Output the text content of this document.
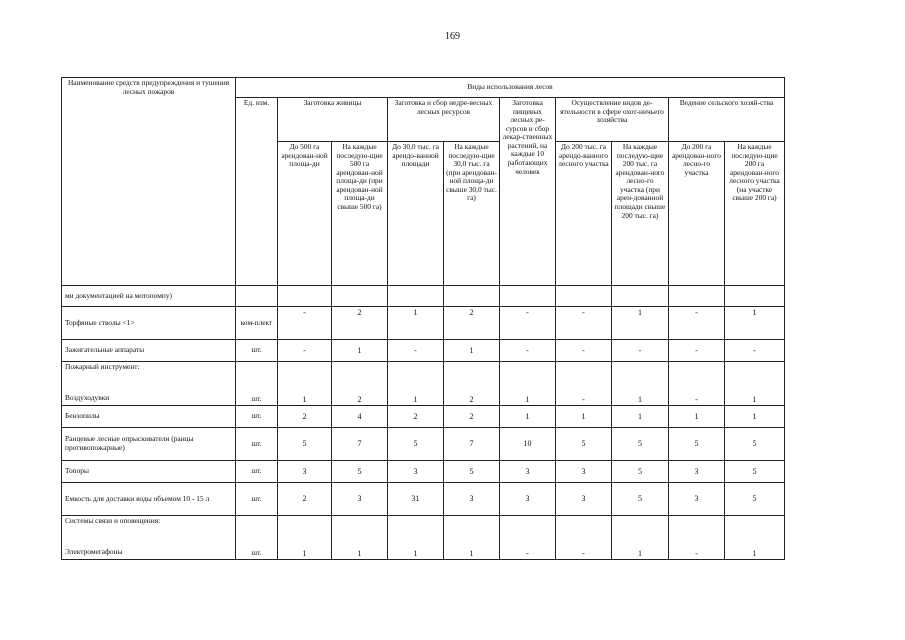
169
Наименование средств предупреждения и тушения лесных пожаров	Виды использования лесов									
	Ед. изм.	Заготовка живицы		Заготовка и сбор недре-весных лесных ресурсов		Заготовка пищевых лесных ре-сурсов и сбор лекар-ственных растений, на каждые 10 работающих человек	Осуществление видов де-ятельности в сфере охот-ничьего хозяйства		Ведение сельского хозяй-ства	
		До 500 га арендован-ной площа-ди	На каждые последую-щие 500 га арендован-ной площа-ди (при арендован-ной площа-ди свыше 500 га)	До 30,0 тыс. га арендо-ванной площади	На каждые последую-щие 30,0 тыс. га (при арендован-ной площа-ди свыше 30,0 тыс. га)		До 200 тыс. га арендо-ванного лесного участка	На каждые последую-щие 200 тыс. га арендован-ного лесно-го участка (при арен-дованной площади свыше 200 тыс. га)	До 200 га арендован-ного лесно-го участка	На каждые последую-щие 200 га арендован-ного лесного участка (на участке свыше 200 га)
ми документацией на мотопомпу)										
Торфяные стволы <1>	ком-плект	-	2	1	2	-	-	1	-	1
Зажигательные аппараты	шт.	-	1	-	1	-	-	-	-	-

Пожарный инструмент:
Воздуходувки	шт.	1	2	1	2	1	-	1	-	1
Бензопилы	шт.	2	4	2	2	1	1	1	1	1
Ранцевые лесные опрыскиватели (ранцы противопожарные)	шт.	5	7	5	7	10	5	5	5	5
Топоры	шт.	3	5	3	5	3	3	5	3	5
Емкость для доставки воды объемом 10 - 15 л	шт.	2	3	31	3	3	3	5	3	5

Системы связи и оповещения:
Электромегафоны	шт.	1	1	1	1	-	-	1	-	1
